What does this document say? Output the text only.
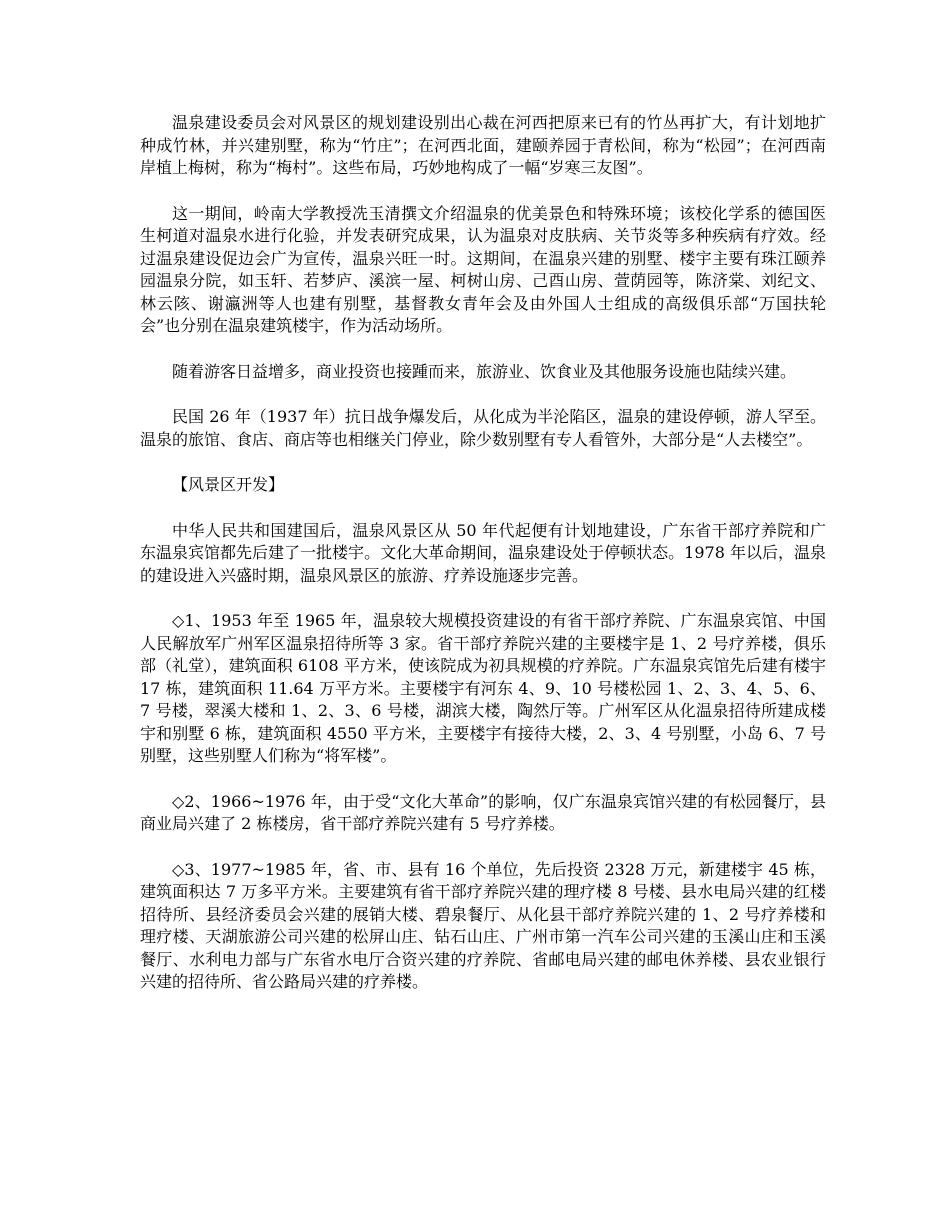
温泉建设委员会对风景区的规划建设别出心裁在河西把原来已有的竹丛再扩大，有计划地扩种成竹林，并兴建别墅，称为“竹庄”；在河西北面，建颐养园于青松间，称为“松园”；在河西南岸植上梅树，称为“梅村”。这些布局，巧妙地构成了一幅“岁寒三友图”。

这一期间，岭南大学教授冼玉清撰文介绍温泉的优美景色和特殊环境；该校化学系的德国医生柯道对温泉水进行化验，并发表研究成果，认为温泉对皮肤病、关节炎等多种疾病有疗效。经过温泉建设促边会广为宣传，温泉兴旺一时。这期间，在温泉兴建的别墅、楼宇主要有珠江颐养园温泉分院，如玉轩、若梦庐、溪滨一屋、柯树山房、己酉山房、萱荫园等，陈济棠、刘纪文、林云陔、谢瀛洲等人也建有别墅，基督教女青年会及由外国人士组成的高级俱乐部“万国扶轮会”也分别在温泉建筑楼宇，作为活动场所。

随着游客日益增多，商业投资也接踵而来，旅游业、饮食业及其他服务设施也陆续兴建。

民国 26 年（1937 年）抗日战争爆发后，从化成为半沦陷区，温泉的建设停顿，游人罕至。温泉的旅馆、食店、商店等也相继关门停业，除少数别墅有专人看管外，大部分是“人去楼空”。

【风景区开发】

中华人民共和国建国后，温泉风景区从 50 年代起便有计划地建设，广东省干部疗养院和广东温泉宾馆都先后建了一批楼宇。文化大革命期间，温泉建设处于停顿状态。1978 年以后，温泉的建设进入兴盛时期，温泉风景区的旅游、疗养设施逐步完善。

◇1、1953 年至 1965 年，温泉较大规模投资建设的有省干部疗养院、广东温泉宾馆、中国人民解放军广州军区温泉招待所等 3 家。省干部疗养院兴建的主要楼宇是 1、2 号疗养楼，俱乐部（礼堂），建筑面积 6108 平方米，使该院成为初具规模的疗养院。广东温泉宾馆先后建有楼宇 17 栋，建筑面积 11.64 万平方米。主要楼宇有河东 4、9、10 号楼松园 1、2、3、4、5、6、7 号楼，翠溪大楼和 1、2、3、6 号楼，湖滨大楼，陶然厅等。广州军区从化温泉招待所建成楼宇和别墅 6 栋，建筑面积 4550 平方米，主要楼宇有接待大楼，2、3、4 号别墅，小岛 6、7 号别墅，这些别墅人们称为“将军楼”。

◇2、1966~1976 年，由于受“文化大革命”的影响，仅广东温泉宾馆兴建的有松园餐厅，县商业局兴建了 2 栋楼房，省干部疗养院兴建有 5 号疗养楼。

◇3、1977~1985 年，省、市、县有 16 个单位，先后投资 2328 万元，新建楼宇 45 栋，建筑面积达 7 万多平方米。主要建筑有省干部疗养院兴建的理疗楼 8 号楼、县水电局兴建的红楼招待所、县经济委员会兴建的展销大楼、碧泉餐厅、从化县干部疗养院兴建的 1、2 号疗养楼和理疗楼、天湖旅游公司兴建的松屏山庄、钻石山庄、广州市第一汽车公司兴建的玉溪山庄和玉溪餐厅、水利电力部与广东省水电厅合资兴建的疗养院、省邮电局兴建的邮电休养楼、县农业银行兴建的招待所、省公路局兴建的疗养楼。
